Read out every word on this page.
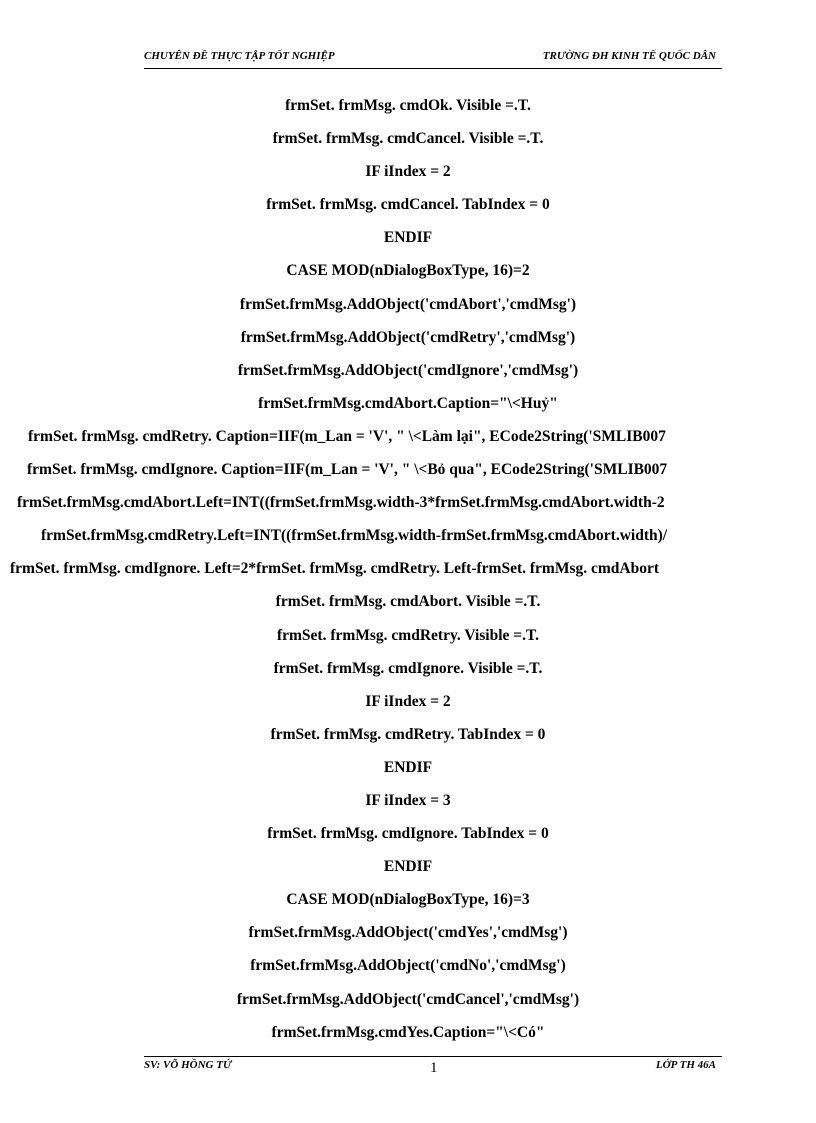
CHUYÊN ĐỀ THỰC TẬP TỐT NGHIỆP	TRƯỜNG ĐH KINH TẾ QUỐC DÂN
frmSet. frmMsg. cmdOk. Visible =.T.
frmSet. frmMsg. cmdCancel. Visible =.T.
IF iIndex = 2
frmSet. frmMsg. cmdCancel. TabIndex = 0
ENDIF
CASE MOD(nDialogBoxType, 16)=2
frmSet.frmMsg.AddObject('cmdAbort','cmdMsg')
frmSet.frmMsg.AddObject('cmdRetry','cmdMsg')
frmSet.frmMsg.AddObject('cmdIgnore','cmdMsg')
frmSet.frmMsg.cmdAbort.Caption="\<Huỷ"
frmSet. frmMsg. cmdRetry. Caption=IIF(m_Lan = 'V', " \<Làm lại", ECode2String('SMLIB007
frmSet. frmMsg. cmdIgnore. Caption=IIF(m_Lan = 'V', " \<Bỏ qua", ECode2String('SMLIB007
frmSet.frmMsg.cmdAbort.Left=INT((frmSet.frmMsg.width-3*frmSet.frmMsg.cmdAbort.width-2
frmSet.frmMsg.cmdRetry.Left=INT((frmSet.frmMsg.width-frmSet.frmMsg.cmdAbort.width)/
frmSet. frmMsg. cmdIgnore. Left=2*frmSet. frmMsg. cmdRetry. Left-frmSet. frmMsg. cmdAbort
frmSet. frmMsg. cmdAbort. Visible =.T.
frmSet. frmMsg. cmdRetry. Visible =.T.
frmSet. frmMsg. cmdIgnore. Visible =.T.
IF iIndex = 2
frmSet. frmMsg. cmdRetry. TabIndex = 0
ENDIF
IF iIndex = 3
frmSet. frmMsg. cmdIgnore. TabIndex = 0
ENDIF
CASE MOD(nDialogBoxType, 16)=3
frmSet.frmMsg.AddObject('cmdYes','cmdMsg')
frmSet.frmMsg.AddObject('cmdNo','cmdMsg')
frmSet.frmMsg.AddObject('cmdCancel','cmdMsg')
frmSet.frmMsg.cmdYes.Caption="\<Có"
SV: VÕ HỒNG TỨ	1	LỚP TH 46A
